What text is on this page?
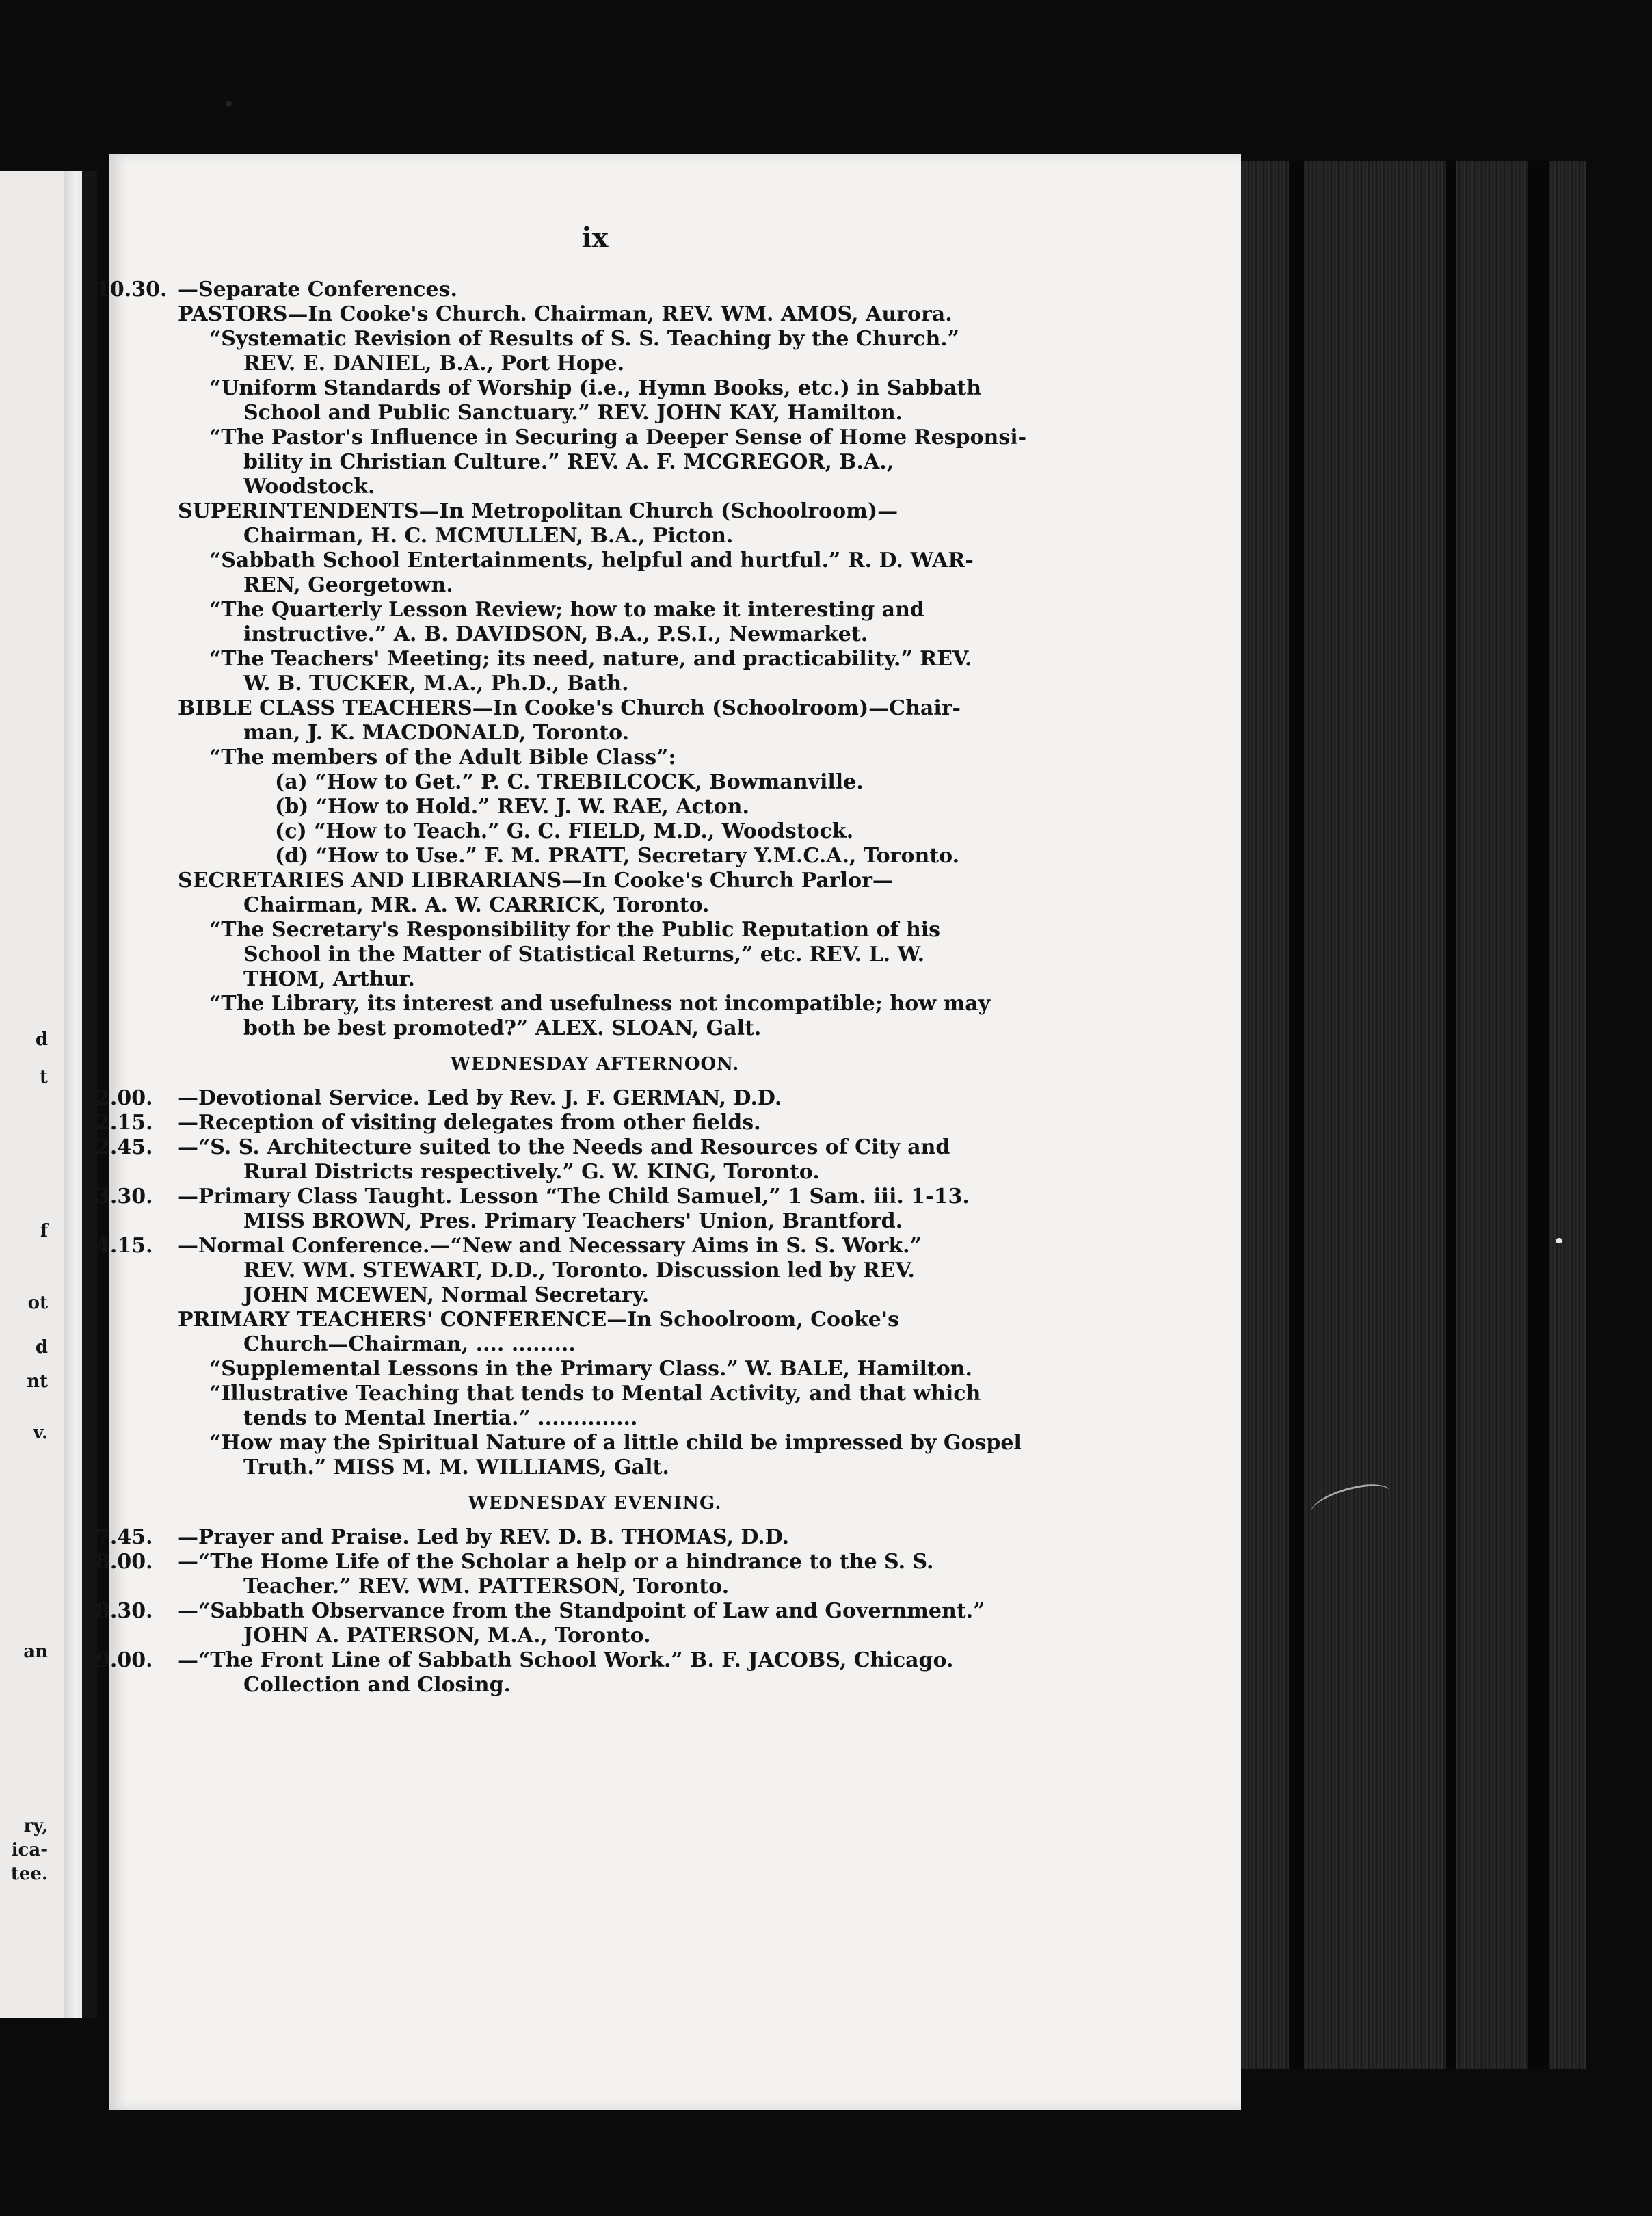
d
t
f
ot
d
nt
v.
an
ry,
ica-
tee.
ix
10.30. —Separate Conferences.
PASTORS—In Cooke's Church. Chairman, REV. WM. AMOS, Aurora.
“Systematic Revision of Results of S. S. Teaching by the Church.”
REV. E. DANIEL, B.A., Port Hope.
“Uniform Standards of Worship (i.e., Hymn Books, etc.) in Sabbath
School and Public Sanctuary.” REV. JOHN KAY, Hamilton.
“The Pastor's Influence in Securing a Deeper Sense of Home Responsi-
bility in Christian Culture.” REV. A. F. MCGREGOR, B.A.,
Woodstock.
SUPERINTENDENTS—In Metropolitan Church (Schoolroom)—
Chairman, H. C. MCMULLEN, B.A., Picton.
“Sabbath School Entertainments, helpful and hurtful.” R. D. WAR-
REN, Georgetown.
“The Quarterly Lesson Review; how to make it interesting and
instructive.” A. B. DAVIDSON, B.A., P.S.I., Newmarket.
“The Teachers' Meeting; its need, nature, and practicability.” REV.
W. B. TUCKER, M.A., Ph.D., Bath.
BIBLE CLASS TEACHERS—In Cooke's Church (Schoolroom)—Chair-
man, J. K. MACDONALD, Toronto.
“The members of the Adult Bible Class”:
(a) “How to Get.” P. C. TREBILCOCK, Bowmanville.
(b) “How to Hold.” REV. J. W. RAE, Acton.
(c) “How to Teach.” G. C. FIELD, M.D., Woodstock.
(d) “How to Use.” F. M. PRATT, Secretary Y.M.C.A., Toronto.
SECRETARIES AND LIBRARIANS—In Cooke's Church Parlor—
Chairman, MR. A. W. CARRICK, Toronto.
“The Secretary's Responsibility for the Public Reputation of his
School in the Matter of Statistical Returns,” etc. REV. L. W.
THOM, Arthur.
“The Library, its interest and usefulness not incompatible; how may
both be best promoted?” ALEX. SLOAN, Galt.
WEDNESDAY AFTERNOON.
2.00. —Devotional Service. Led by Rev. J. F. GERMAN, D.D.
2.15. —Reception of visiting delegates from other fields.
2.45. —“S. S. Architecture suited to the Needs and Resources of City and
Rural Districts respectively.” G. W. KING, Toronto.
3.30. —Primary Class Taught. Lesson “The Child Samuel,” 1 Sam. iii. 1-13.
MISS BROWN, Pres. Primary Teachers' Union, Brantford.
4.15. —Normal Conference.—“New and Necessary Aims in S. S. Work.”
REV. WM. STEWART, D.D., Toronto. Discussion led by REV.
JOHN MCEWEN, Normal Secretary.
PRIMARY TEACHERS' CONFERENCE—In Schoolroom, Cooke's
Church—Chairman, .... .........
“Supplemental Lessons in the Primary Class.” W. BALE, Hamilton.
“Illustrative Teaching that tends to Mental Activity, and that which
tends to Mental Inertia.” ..............
“How may the Spiritual Nature of a little child be impressed by Gospel
Truth.” MISS M. M. WILLIAMS, Galt.
WEDNESDAY EVENING.
7.45. —Prayer and Praise. Led by REV. D. B. THOMAS, D.D.
8.00. —“The Home Life of the Scholar a help or a hindrance to the S. S.
Teacher.” REV. WM. PATTERSON, Toronto.
8.30. —“Sabbath Observance from the Standpoint of Law and Government.”
JOHN A. PATERSON, M.A., Toronto.
9.00. —“The Front Line of Sabbath School Work.” B. F. JACOBS, Chicago.
Collection and Closing.
